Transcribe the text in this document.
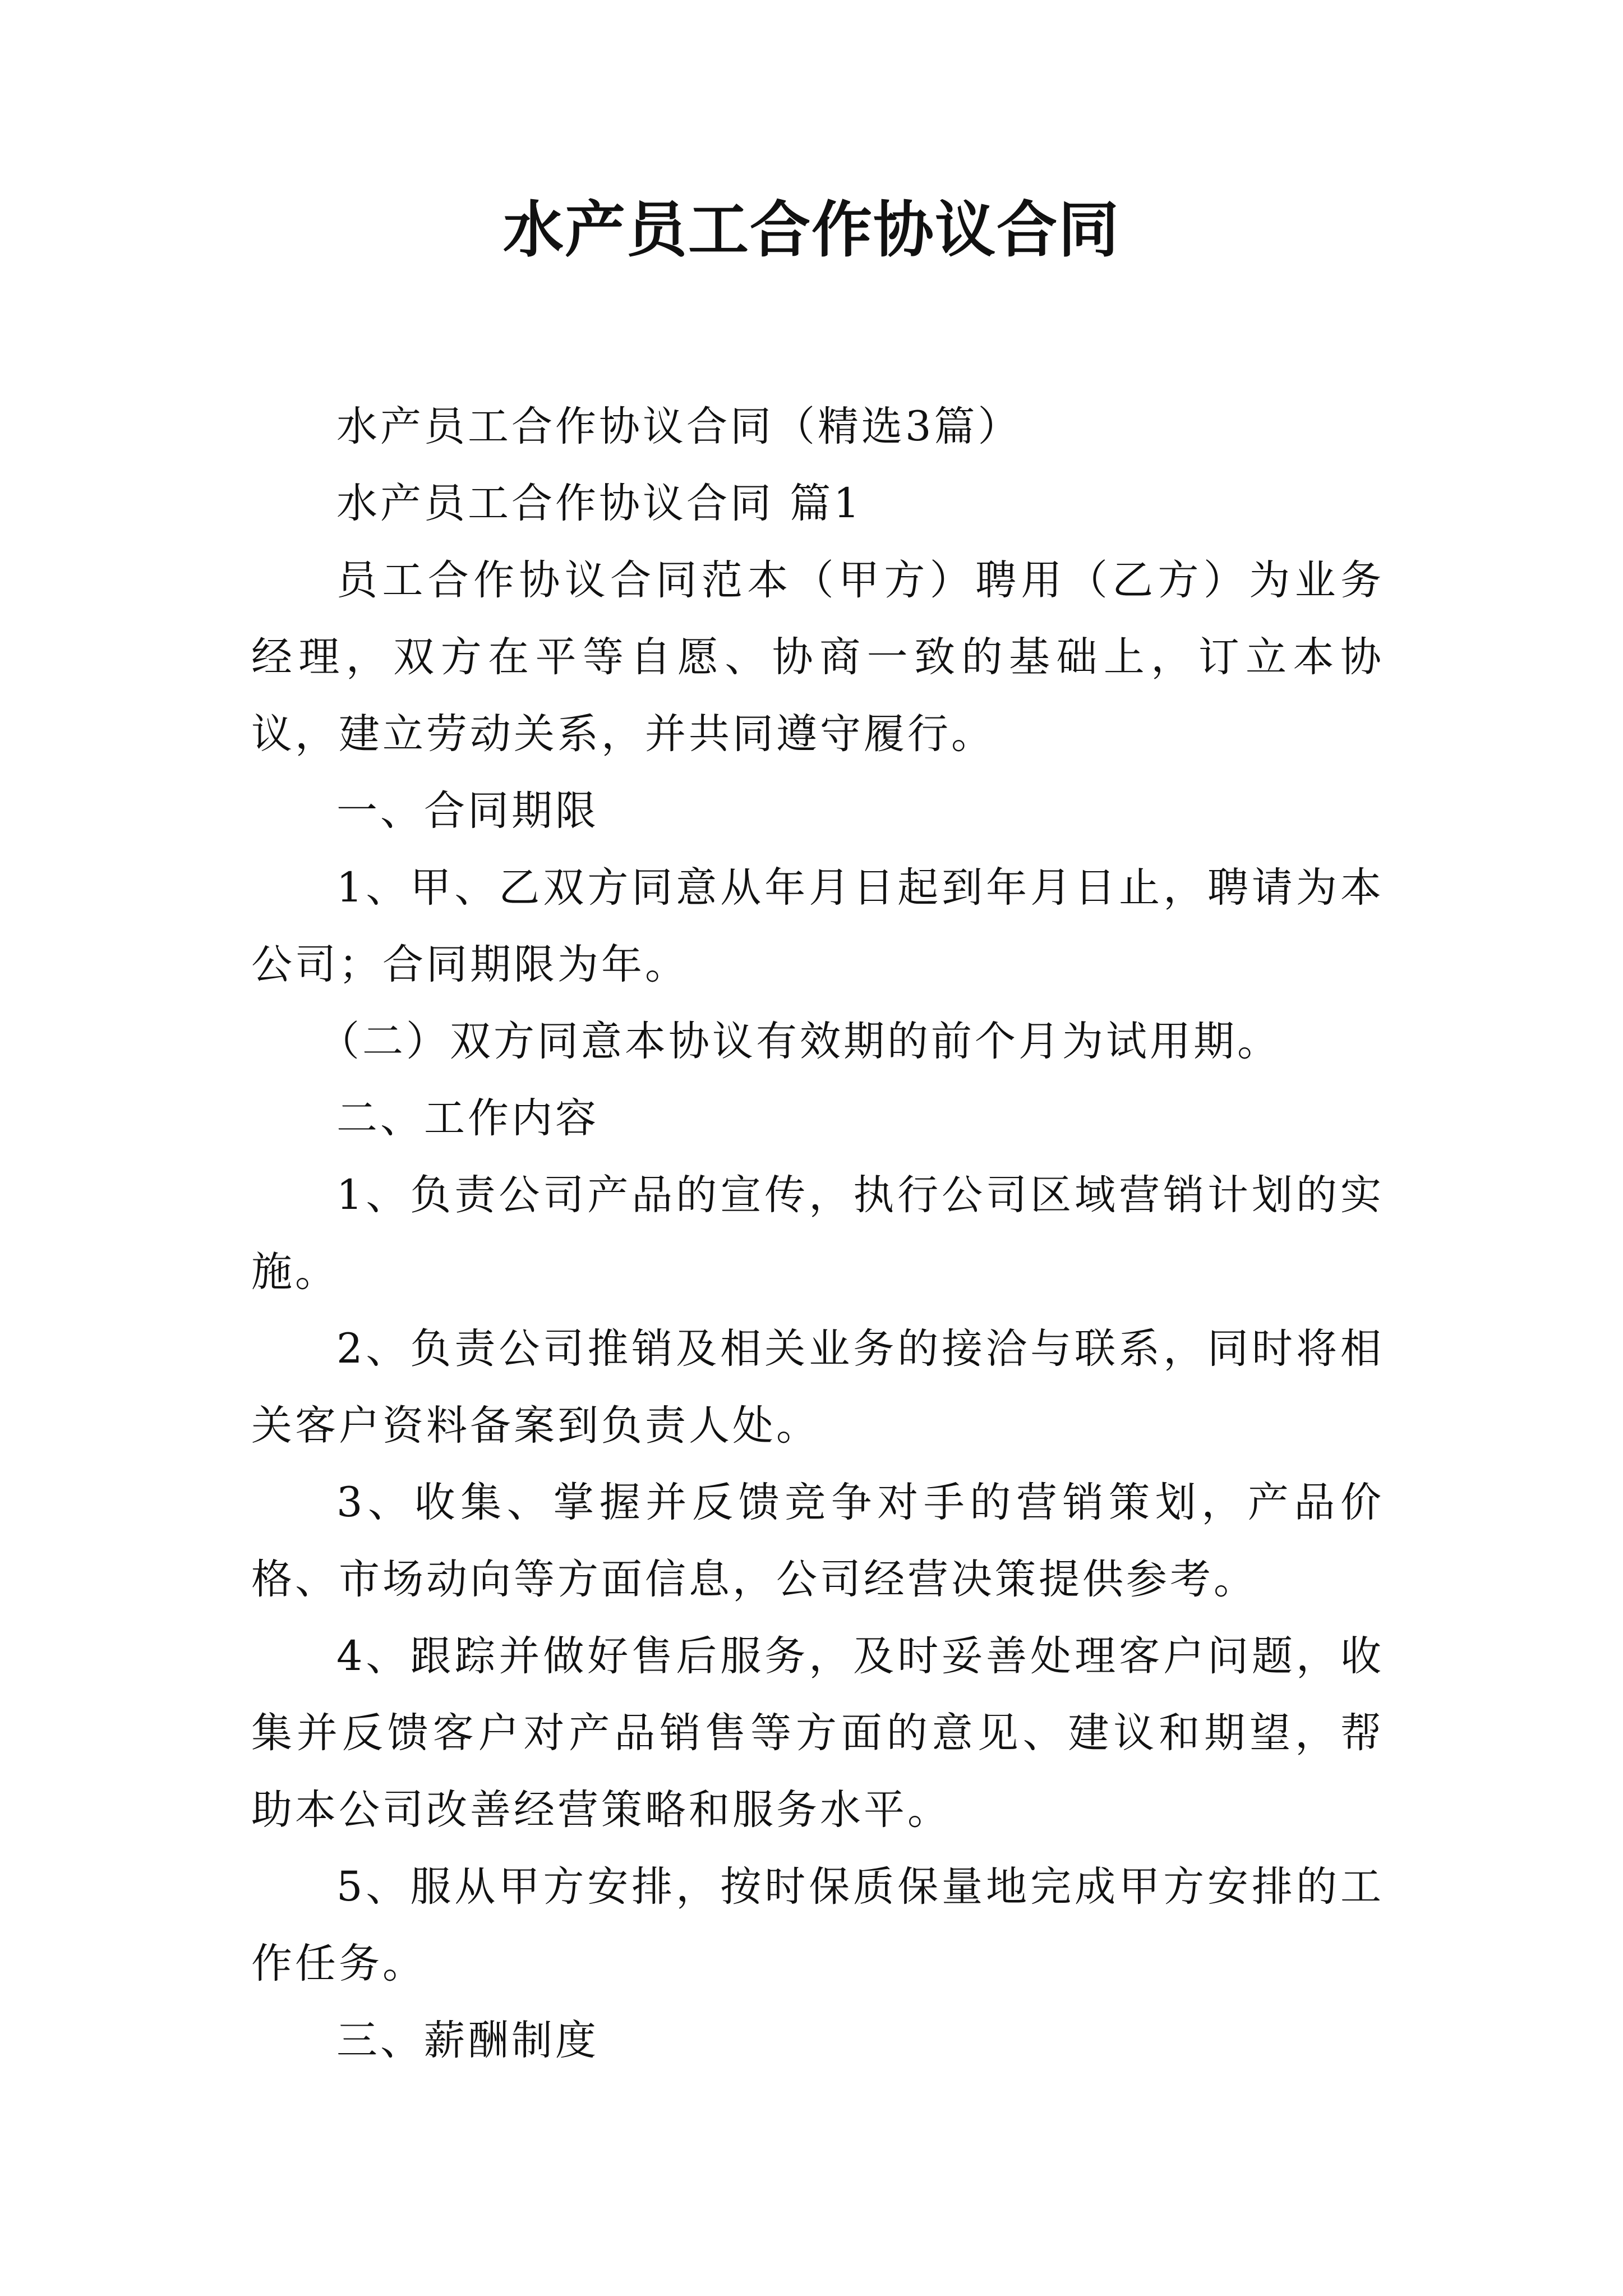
水产员工合作协议合同

水产员工合作协议合同（精选3篇）

水产员工合作协议合同 篇1

员工合作协议合同范本（甲方）聘用（乙方）为业务经理，双方在平等自愿、协商一致的基础上，订立本协议，建立劳动关系，并共同遵守履行。

一、合同期限

1、甲、乙双方同意从年月日起到年月日止，聘请为本公司；合同期限为年。

（二）双方同意本协议有效期的前个月为试用期。

二、工作内容

1、负责公司产品的宣传，执行公司区域营销计划的实施。

2、负责公司推销及相关业务的接洽与联系，同时将相关客户资料备案到负责人处。

3、收集、掌握并反馈竞争对手的营销策划，产品价格、市场动向等方面信息，公司经营决策提供参考。

4、跟踪并做好售后服务，及时妥善处理客户问题，收集并反馈客户对产品销售等方面的意见、建议和期望，帮助本公司改善经营策略和服务水平。

5、服从甲方安排，按时保质保量地完成甲方安排的工作任务。

三、薪酬制度
